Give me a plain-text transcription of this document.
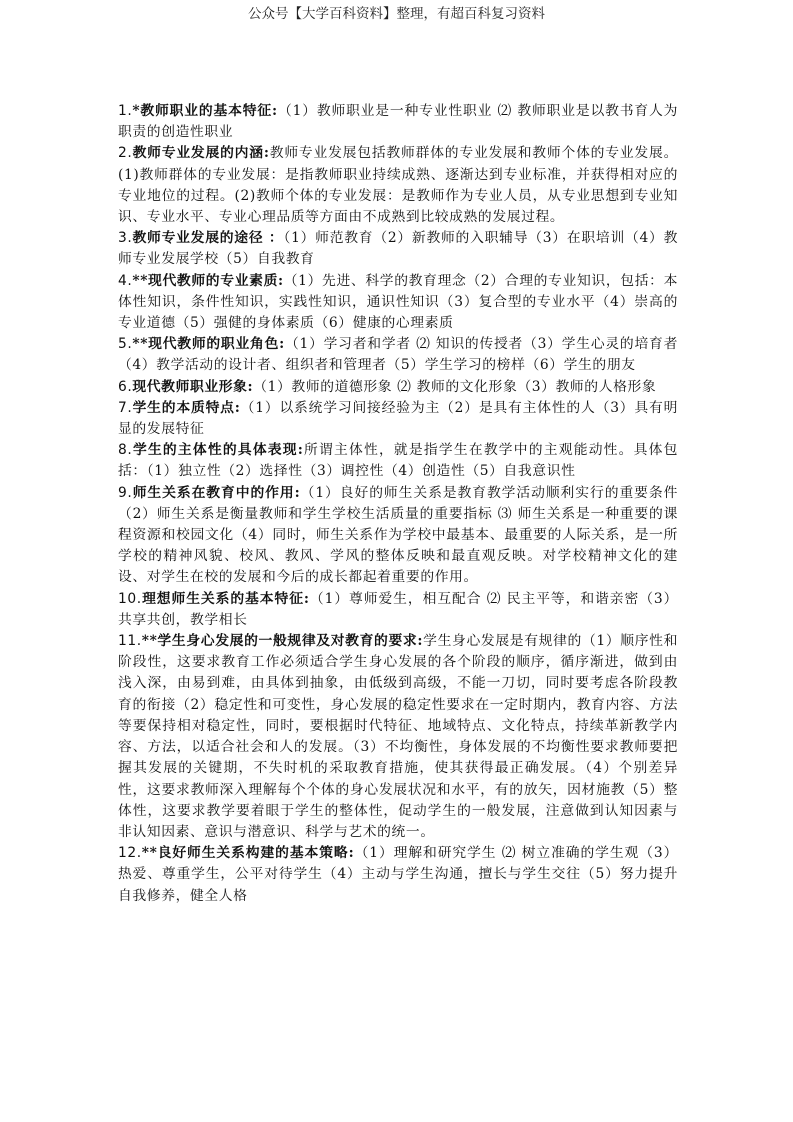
公众号【大学百科资料】整理，有超百科复习资料

1.*教师职业的基本特征:（1）教师职业是一种专业性职业 ⑵ 教师职业是以教书育人为职责的创造性职业

2.教师专业发展的内涵:教师专业发展包括教师群体的专业发展和教师个体的专业发展。(1)教师群体的专业发展：是指教师职业持续成熟、逐渐达到专业标准，并获得相对应的专业地位的过程。(2)教师个体的专业发展：是教师作为专业人员，从专业思想到专业知识、专业水平、专业心理品质等方面由不成熟到比较成熟的发展过程。

3.教师专业发展的途径 ：（1）师范教育（2）新教师的入职辅导（3）在职培训（4）教师专业发展学校（5）自我教育

4.**现代教师的专业素质:（1）先进、科学的教育理念（2）合理的专业知识，包括：本体性知识，条件性知识，实践性知识，通识性知识（3）复合型的专业水平（4）崇高的专业道德（5）强健的身体素质（6）健康的心理素质

5.**现代教师的职业角色:（1）学习者和学者 ⑵ 知识的传授者（3）学生心灵的培育者（4）教学活动的设计者、组织者和管理者（5）学生学习的榜样（6）学生的朋友

6.现代教师职业形象:（1）教师的道德形象 ⑵ 教师的文化形象（3）教师的人格形象

7.学生的本质特点:（1）以系统学习间接经验为主（2）是具有主体性的人（3）具有明显的发展特征

8.学生的主体性的具体表现:所谓主体性，就是指学生在教学中的主观能动性。具体包括：（1）独立性（2）选择性（3）调控性（4）创造性（5）自我意识性

9.师生关系在教育中的作用:（1）良好的师生关系是教育教学活动顺利实行的重要条件（2）师生关系是衡量教师和学生学校生活质量的重要指标 ⑶ 师生关系是一种重要的课程资源和校园文化（4）同时，师生关系作为学校中最基本、最重要的人际关系，是一所学校的精神风貌、校风、教风、学风的整体反映和最直观反映。对学校精神文化的建设、对学生在校的发展和今后的成长都起着重要的作用。

10.理想师生关系的基本特征:（1）尊师爱生，相互配合 ⑵ 民主平等，和谐亲密（3）共享共创，教学相长

11.**学生身心发展的一般规律及对教育的要求:学生身心发展是有规律的（1）顺序性和阶段性，这要求教育工作必须适合学生身心发展的各个阶段的顺序，循序渐进，做到由浅入深，由易到难，由具体到抽象，由低级到高级，不能一刀切，同时要考虑各阶段教育的衔接（2）稳定性和可变性，身心发展的稳定性要求在一定时期内，教育内容、方法等要保持相对稳定性，同时，要根据时代特征、地域特点、文化特点，持续革新教学内容、方法，以适合社会和人的发展。（3）不均衡性，身体发展的不均衡性要求教师要把握其发展的关键期，不失时机的采取教育措施，使其获得最正确发展。（4）个别差异性，这要求教师深入理解每个个体的身心发展状况和水平，有的放矢，因材施教（5）整体性，这要求教学要着眼于学生的整体性，促动学生的一般发展，注意做到认知因素与非认知因素、意识与潜意识、科学与艺术的统一。

12.**良好师生关系构建的基本策略:（1）理解和研究学生 ⑵ 树立准确的学生观（3）热爱、尊重学生，公平对待学生（4）主动与学生沟通，擅长与学生交往（5）努力提升自我修养，健全人格
